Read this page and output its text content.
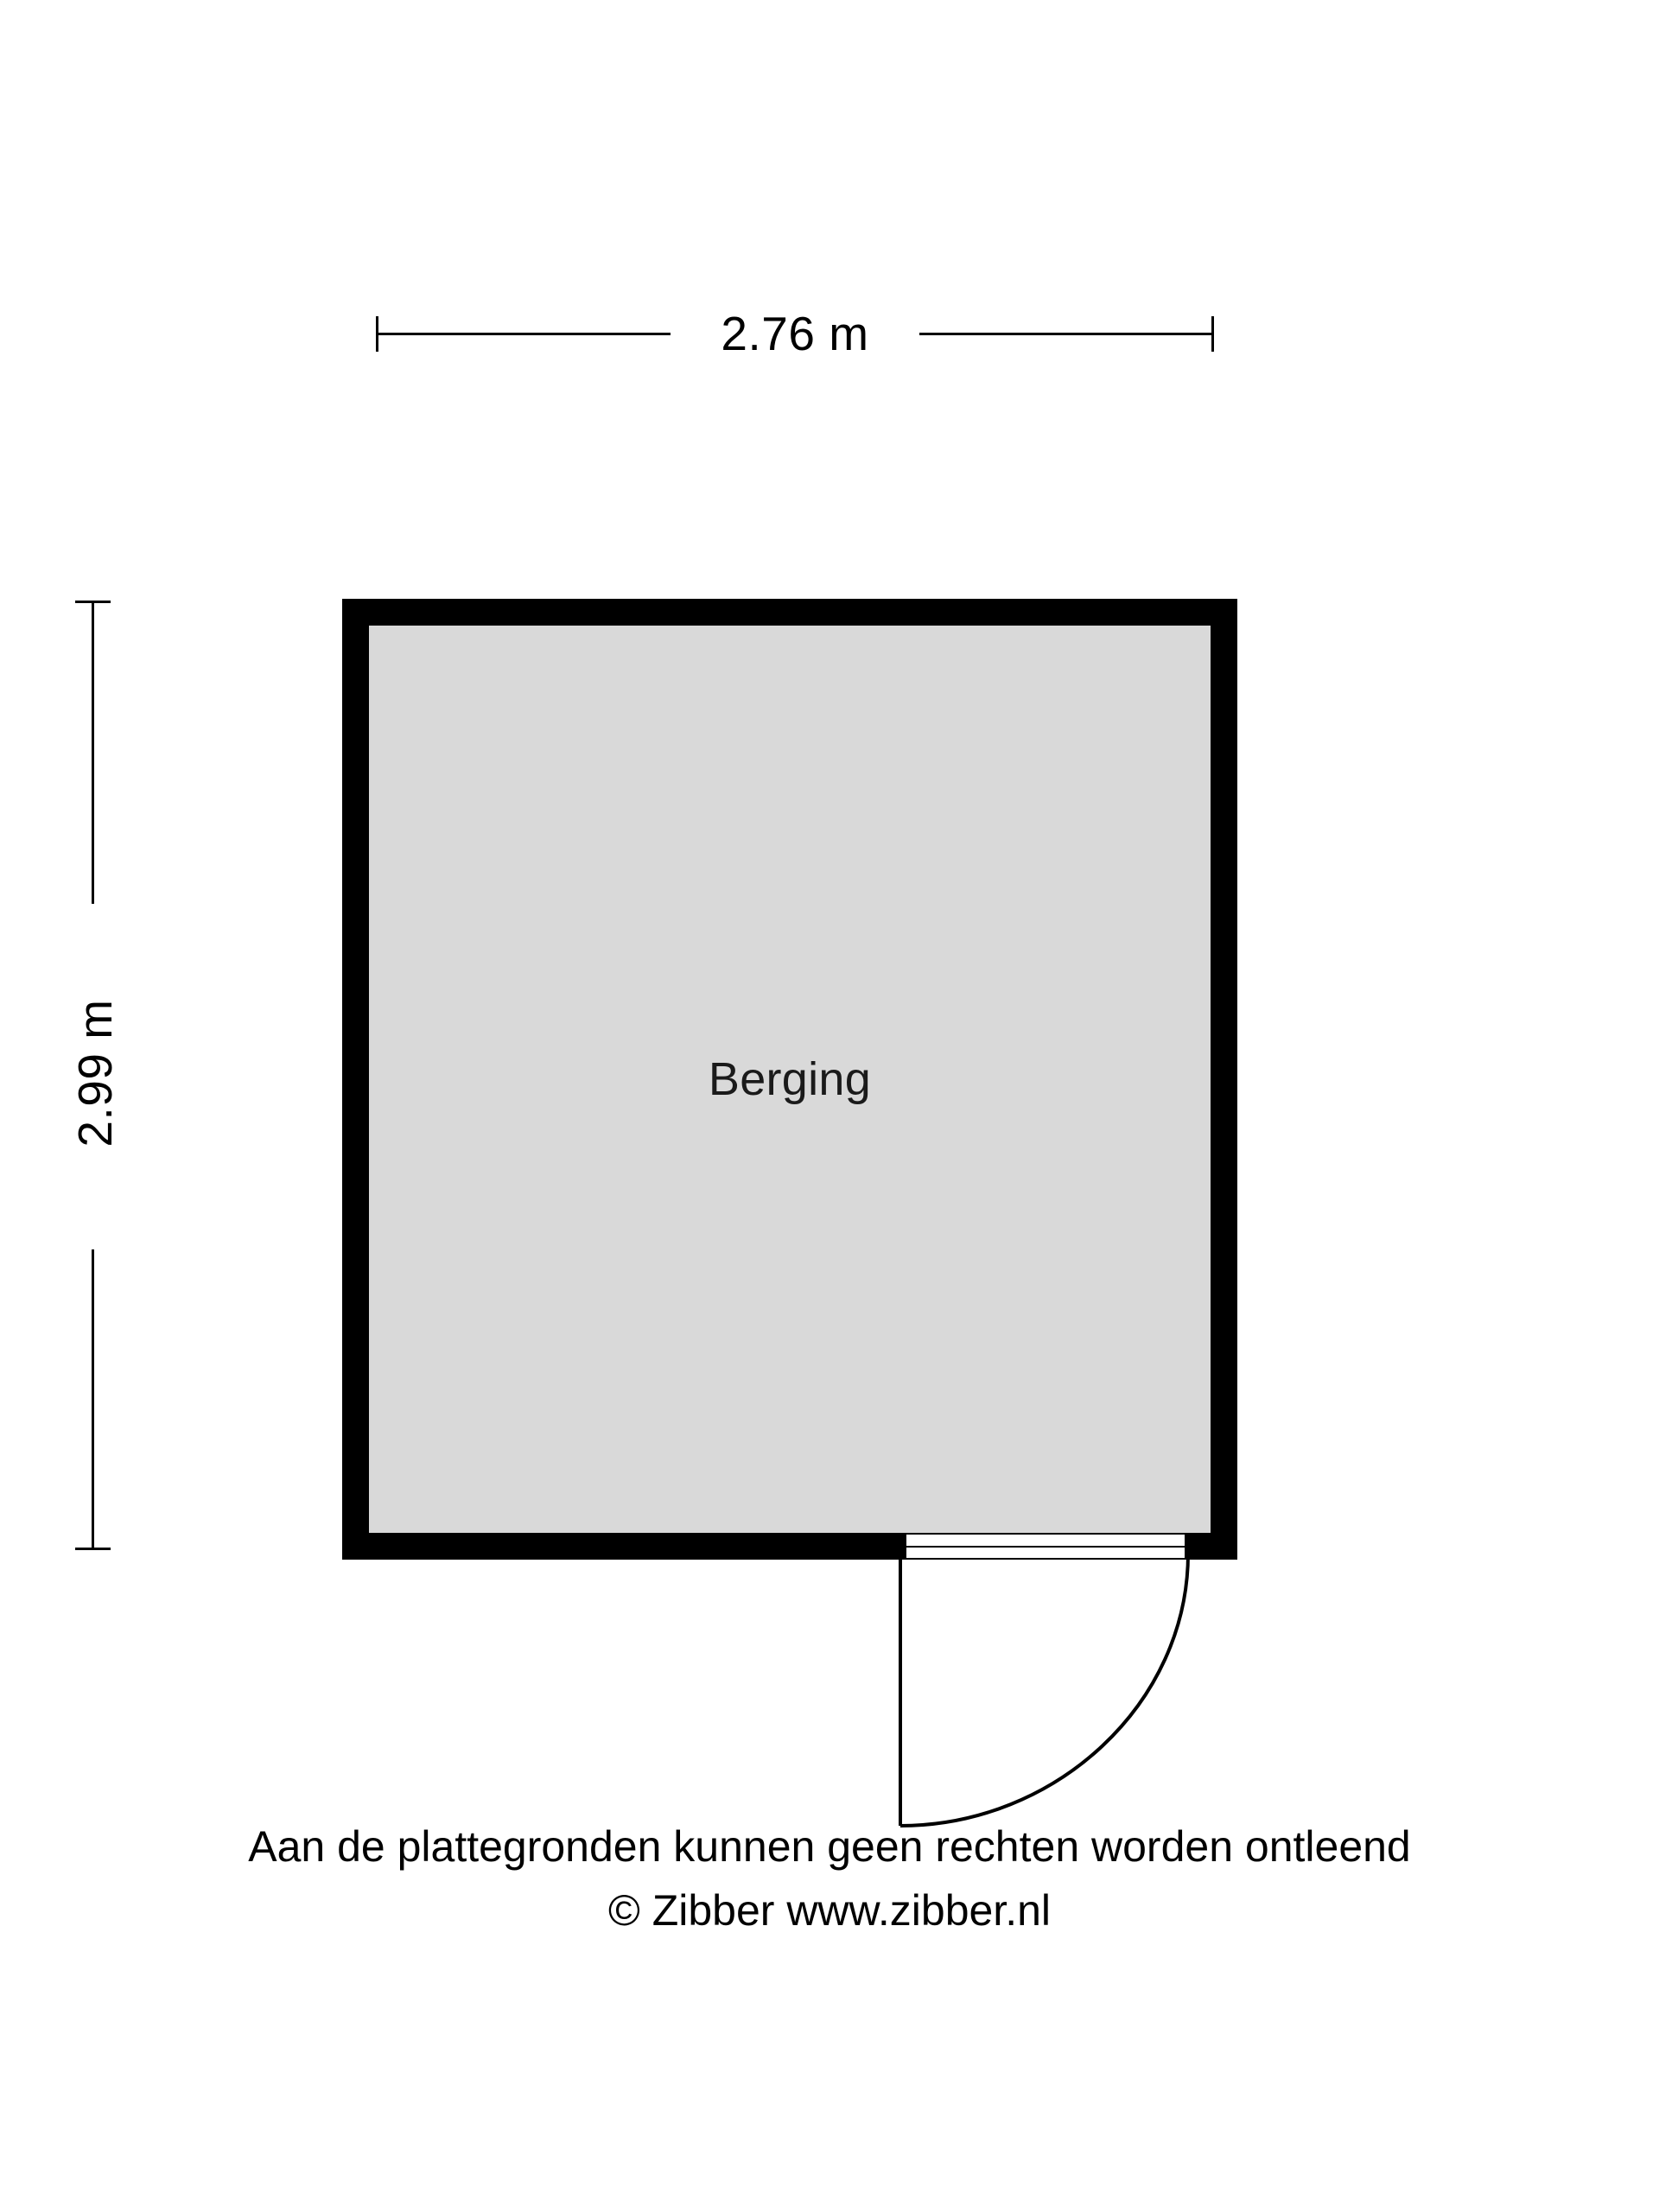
2.76 m
2.99 m	Berging
Aan de plattegronden kunnen geen rechten worden ontleend
© Zibber www.zibber.nl
